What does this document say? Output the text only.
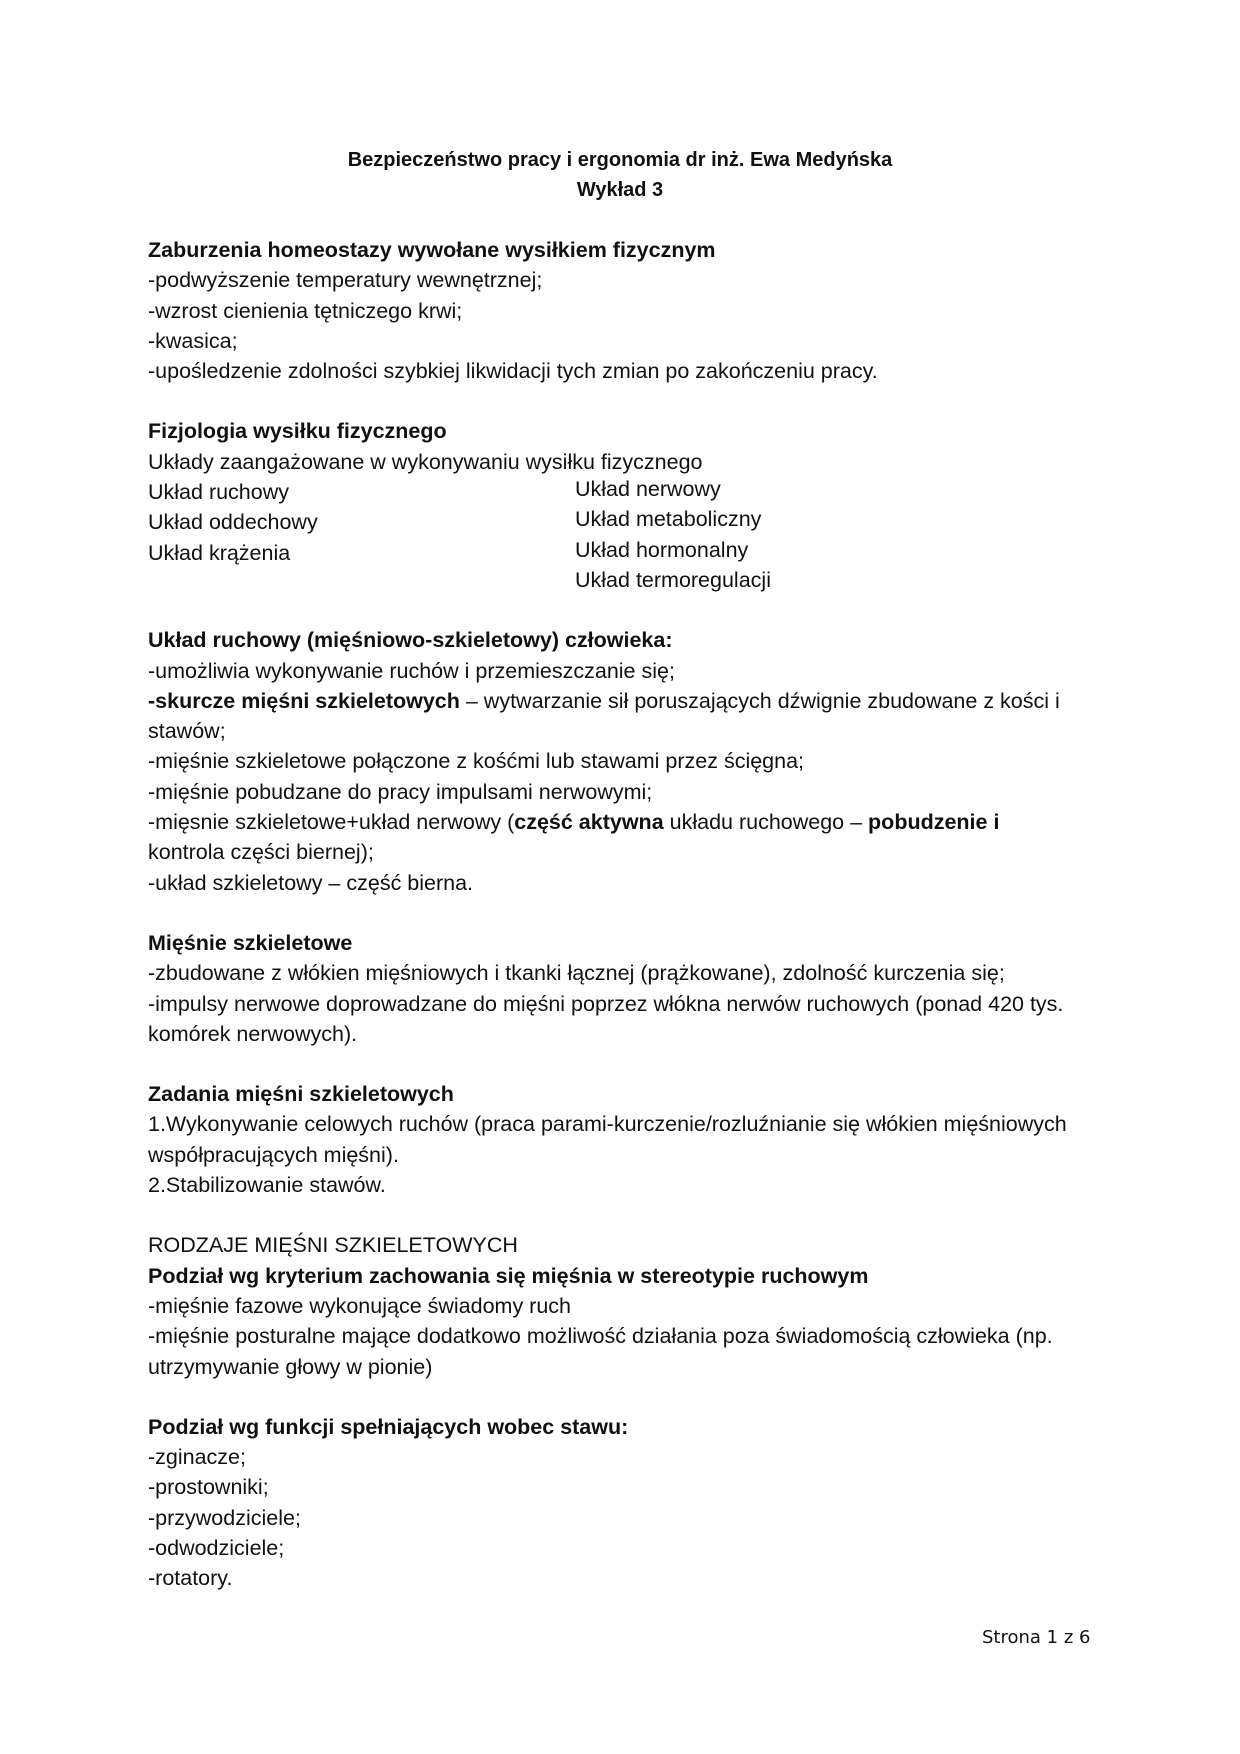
Bezpieczeństwo pracy i ergonomia dr inż. Ewa Medyńska
Wykład 3
Zaburzenia homeostazy wywołane wysiłkiem fizycznym
-podwyższenie temperatury wewnętrznej;
-wzrost cienienia tętniczego krwi;
-kwasica;
-upośledzenie zdolności szybkiej likwidacji tych zmian po zakończeniu pracy.
Fizjologia wysiłku fizycznego
Układy zaangażowane w wykonywaniu wysiłku fizycznego
Układ ruchowy
Układ oddechowy
Układ krążenia
Układ nerwowy
Układ metaboliczny
Układ hormonalny
Układ termoregulacji
Układ ruchowy (mięśniowo-szkieletowy) człowieka:
-umożliwia wykonywanie ruchów i przemieszczanie się;
-skurcze mięśni szkieletowych – wytwarzanie sił poruszających dźwignie zbudowane z kości i stawów;
-mięśnie szkieletowe połączone z kośćmi lub stawami przez ścięgna;
-mięśnie pobudzane do pracy impulsami nerwowymi;
-mięsnie szkieletowe+układ nerwowy (część aktywna układu ruchowego – pobudzenie i
kontrola części biernej);
-układ szkieletowy – część bierna.
Mięśnie szkieletowe
-zbudowane z włókien mięśniowych i tkanki łącznej (prążkowane), zdolność kurczenia się;
-impulsy nerwowe doprowadzane do mięśni poprzez włókna nerwów ruchowych (ponad 420 tys. komórek nerwowych).
Zadania mięśni szkieletowych
1.Wykonywanie celowych ruchów (praca parami-kurczenie/rozluźnianie się włókien mięśniowych współpracujących mięśni).
2.Stabilizowanie stawów.
RODZAJE MIĘŚNI SZKIELETOWYCH
Podział wg kryterium zachowania się mięśnia w stereotypie ruchowym
-mięśnie fazowe wykonujące świadomy ruch
-mięśnie posturalne mające dodatkowo możliwość działania poza świadomością człowieka (np. utrzymywanie głowy w pionie)
Podział wg funkcji spełniających wobec stawu:
-zginacze;
-prostowniki;
-przywodziciele;
-odwodziciele;
-rotatory.
Strona 1 z 6
